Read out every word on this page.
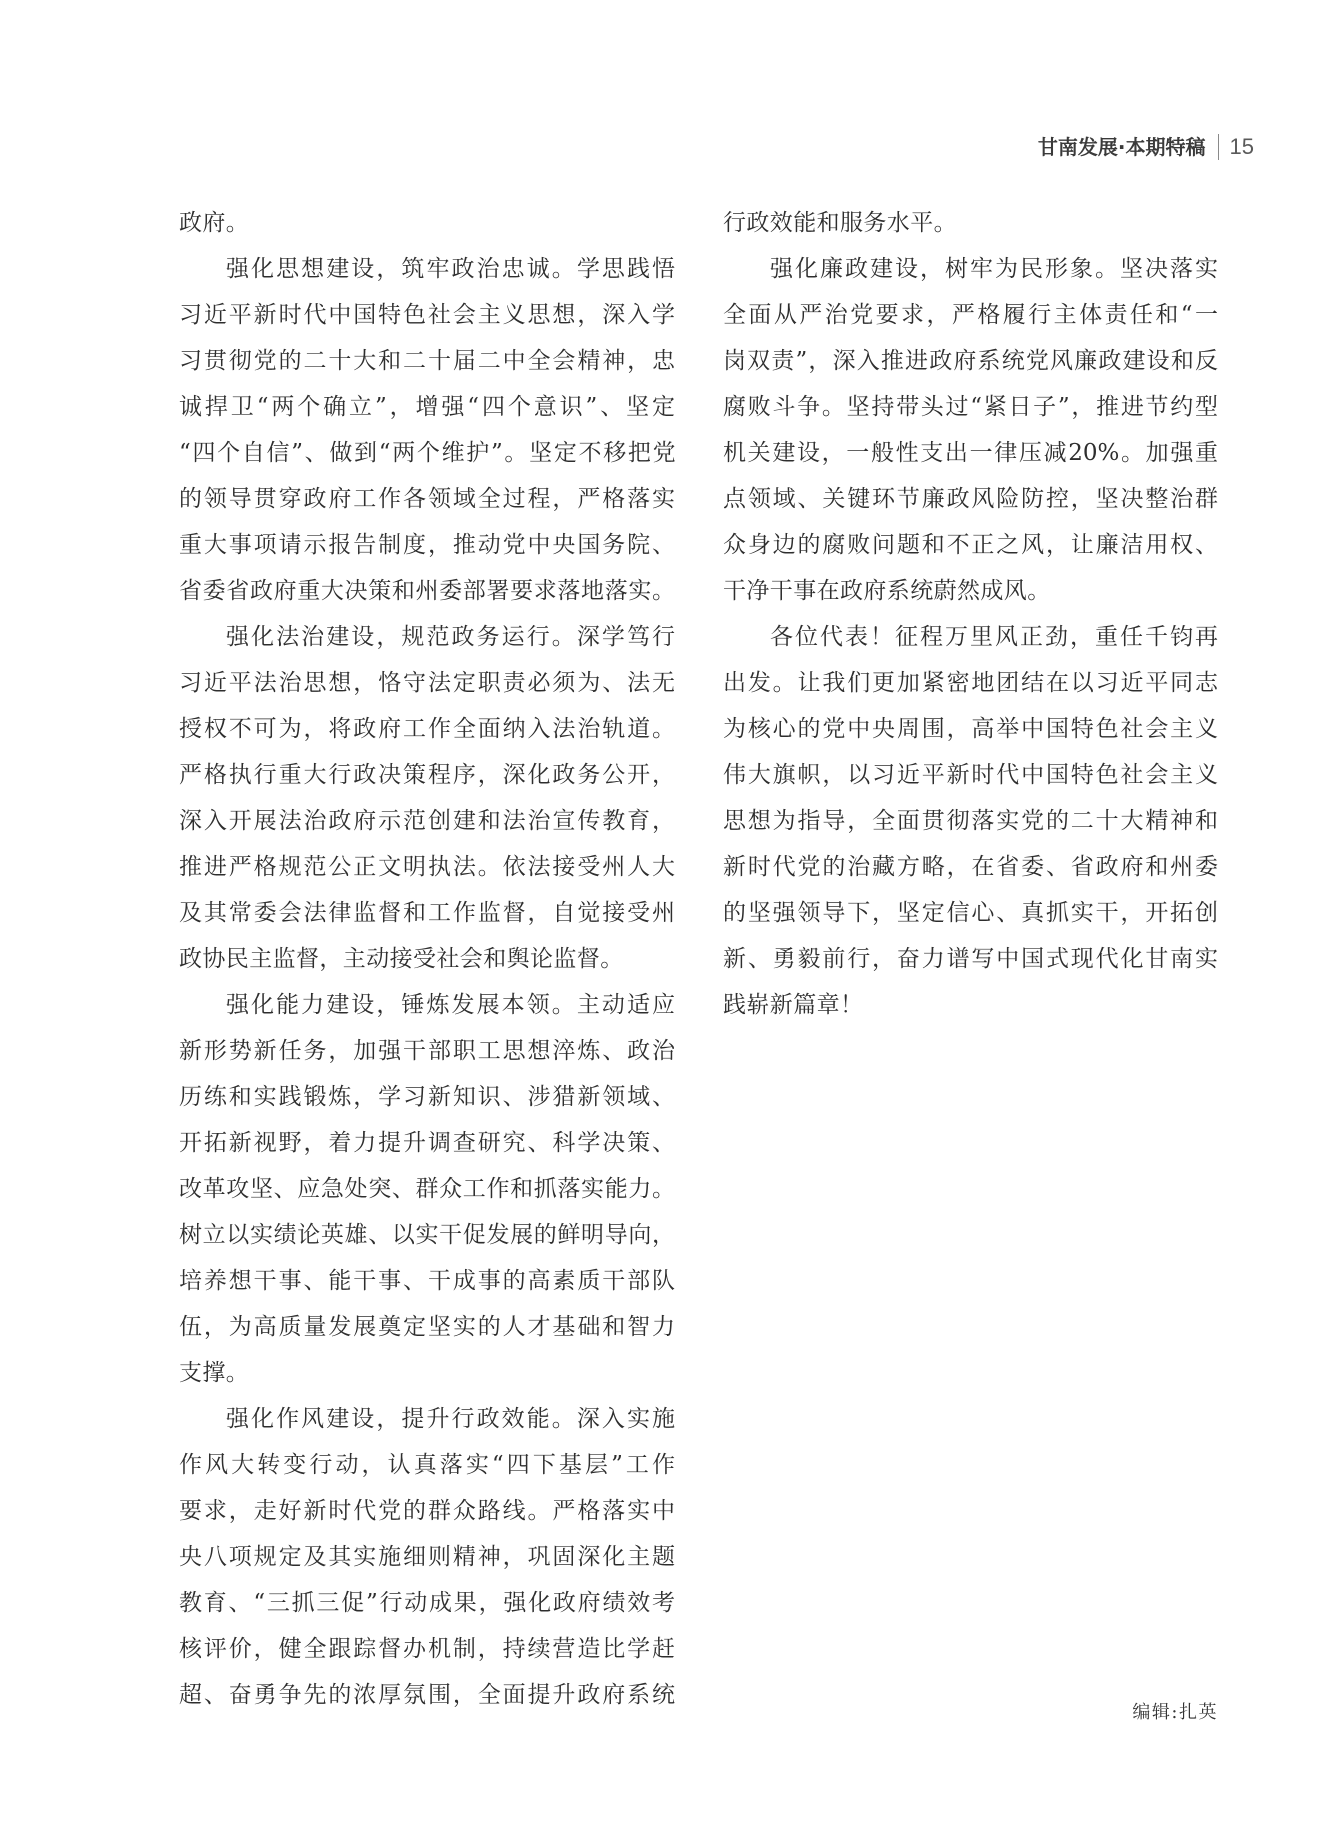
甘南发展·本期特稿 15
政府。
强化思想建设，筑牢政治忠诚。学思践悟
习近平新时代中国特色社会主义思想，深入学
习贯彻党的二十大和二十届二中全会精神，忠
诚捍卫“两个确立”，增强“四个意识”、坚定
“四个自信”、做到“两个维护”。坚定不移把党
的领导贯穿政府工作各领域全过程，严格落实
重大事项请示报告制度，推动党中央国务院、
省委省政府重大决策和州委部署要求落地落实。
强化法治建设，规范政务运行。深学笃行
习近平法治思想，恪守法定职责必须为、法无
授权不可为，将政府工作全面纳入法治轨道。
严格执行重大行政决策程序，深化政务公开，
深入开展法治政府示范创建和法治宣传教育，
推进严格规范公正文明执法。依法接受州人大
及其常委会法律监督和工作监督，自觉接受州
政协民主监督，主动接受社会和舆论监督。
强化能力建设，锤炼发展本领。主动适应
新形势新任务，加强干部职工思想淬炼、政治
历练和实践锻炼，学习新知识、涉猎新领域、
开拓新视野，着力提升调查研究、科学决策、
改革攻坚、应急处突、群众工作和抓落实能力。
树立以实绩论英雄、以实干促发展的鲜明导向，
培养想干事、能干事、干成事的高素质干部队
伍，为高质量发展奠定坚实的人才基础和智力
支撑。
强化作风建设，提升行政效能。深入实施
作风大转变行动，认真落实“四下基层”工作
要求，走好新时代党的群众路线。严格落实中
央八项规定及其实施细则精神，巩固深化主题
教育、“三抓三促”行动成果，强化政府绩效考
核评价，健全跟踪督办机制，持续营造比学赶
超、奋勇争先的浓厚氛围，全面提升政府系统
行政效能和服务水平。
强化廉政建设，树牢为民形象。坚决落实
全面从严治党要求，严格履行主体责任和“一
岗双责”，深入推进政府系统党风廉政建设和反
腐败斗争。坚持带头过“紧日子”，推进节约型
机关建设，一般性支出一律压减20%。加强重
点领域、关键环节廉政风险防控，坚决整治群
众身边的腐败问题和不正之风，让廉洁用权、
干净干事在政府系统蔚然成风。
各位代表！征程万里风正劲，重任千钧再
出发。让我们更加紧密地团结在以习近平同志
为核心的党中央周围，高举中国特色社会主义
伟大旗帜，以习近平新时代中国特色社会主义
思想为指导，全面贯彻落实党的二十大精神和
新时代党的治藏方略，在省委、省政府和州委
的坚强领导下，坚定信心、真抓实干，开拓创
新、勇毅前行，奋力谱写中国式现代化甘南实
践崭新篇章！
编辑:扎英
